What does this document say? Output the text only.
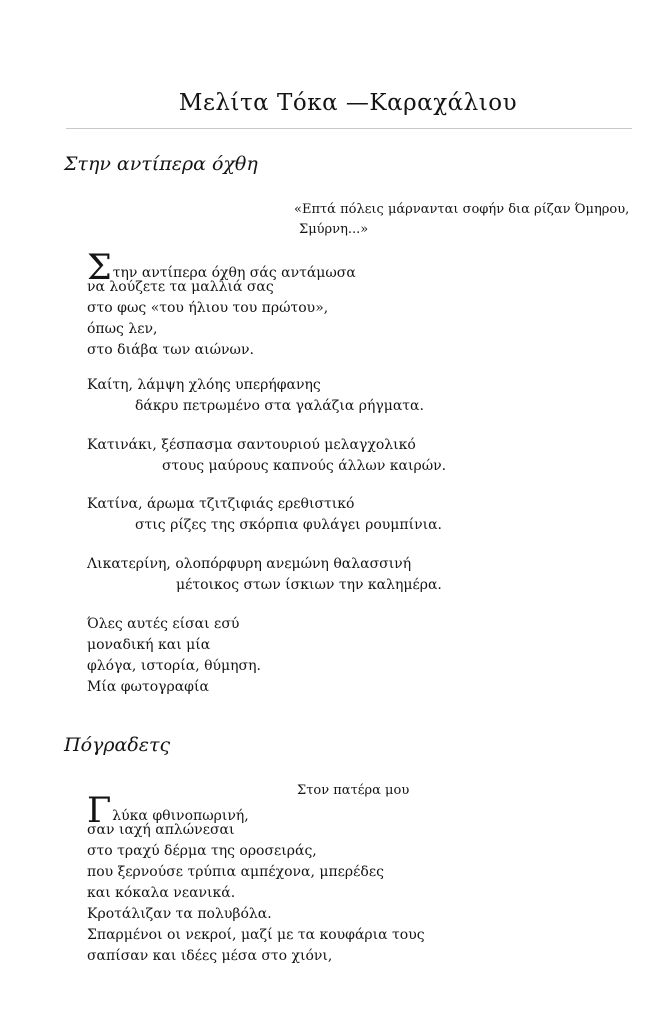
Μελίτα Τόκα —Καραχάλιου
Στην αντίπερα όχθη
«Επτά πόλεις μάρνανται σοφήν δια ρίζαν Όμηρου,
Σμύρνη...»
Στην αντίπερα όχθη σάς αντάμωσα
να λούζετε τα μαλλιά σας
στο φως «του ήλιου του πρώτου»,
όπως λεν,
στο διάβα των αιώνων.
Καίτη, λάμψη χλόης υπερήφανης
δάκρυ πετρωμένο στα γαλάζια ρήγματα.
Κατινάκι, ξέσπασμα σαντουριού μελαγχολικό
στους μαύρους καπνούς άλλων καιρών.
Κατίνα, άρωμα τζιτζιφιάς ερεθιστικό
στις ρίζες της σκόρπια φυλάγει ρουμπίνια.
Λικατερίνη, ολοπόρφυρη ανεμώνη θαλασσινή
μέτοικος στων ίσκιων την καλημέρα.
Όλες αυτές είσαι εσύ
μοναδική και μία
φλόγα, ιστορία, θύμηση.
Μία φωτογραφία
Πόγραδετς
Στον πατέρα μου
Γλύκα φθινοπωρινή,
σαν ιαχή απλώνεσαι
στο τραχύ δέρμα της οροσειράς,
που ξερνούσε τρύπια αμπέχονα, μπερέδες
και κόκαλα νεανικά.
Κροτάλιζαν τα πολυβόλα.
Σπαρμένοι οι νεκροί, μαζί με τα κουφάρια τους
σαπίσαν και ιδέες μέσα στο χιόνι,
